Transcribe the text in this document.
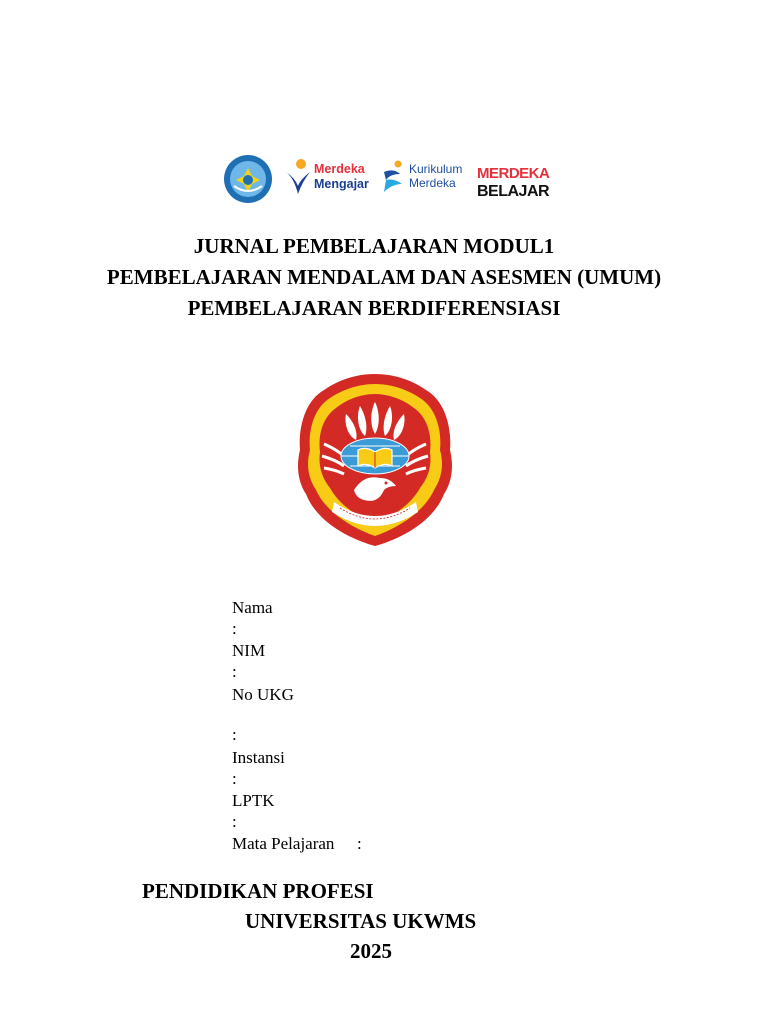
Merdeka
Mengajar
Kurikulum
Merdeka
MERDEKA
BELAJAR
JURNAL PEMBELAJARAN MODUL1
PEMBELAJARAN MENDALAM DAN ASESMEN (UMUM)
PEMBELAJARAN BERDIFERENSIASI
Nama
:
NIM
:
No UKG
:
Instansi
:
LPTK
:
Mata Pelajaran :
PENDIDIKAN PROFESI
UNIVERSITAS UKWMS
2025
